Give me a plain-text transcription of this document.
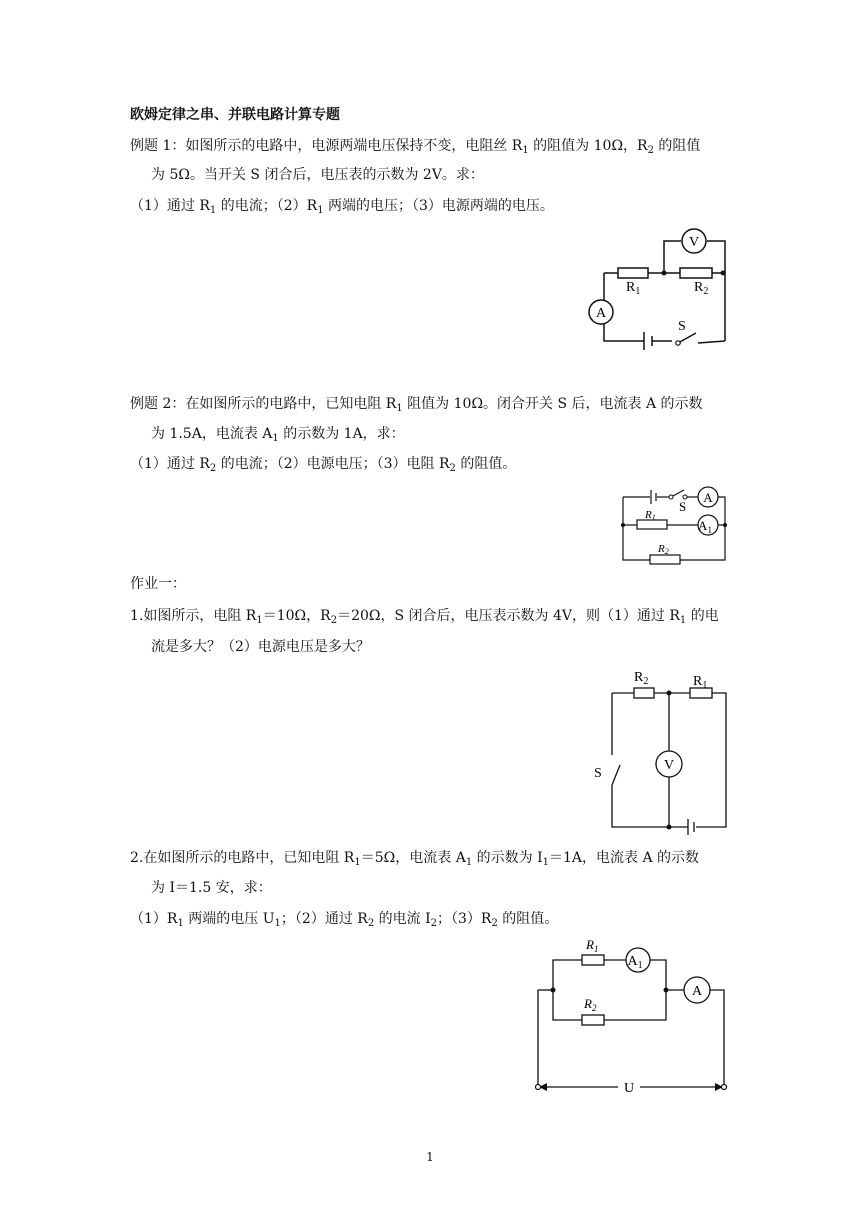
欧姆定律之串、并联电路计算专题
例题 1：如图所示的电路中，电源两端电压保持不变，电阻丝 $R_1$ 的阻值为 10Ω，$R_2$ 的阻值
为 5Ω。当开关 S 闭合后，电压表的示数为 2V。求：
（1）通过 $R_1$ 的电流；$(2)R_1$ 两端的电压；（3）电源两端的电压。
V
A
$R_1$	$R_2$
S
例题 2：在如图所示的电路中，已知电阻 $R_1$ 阻值为 10Ω。闭合开关 S 后，电流表 A 的示数
为 1.5A，电流表 $A_1$ 的示数为 1A，求：
（1）通过 $R_2$ 的电流；（2）电源电压；（3）电阻 $R_2$ 的阻值。
A
$A_1$
S
R1
R2
作业一：
1.如图所示，电阻 $R_1=10\Omega$，$R_2=20\Omega$，S 闭合后，电压表示数为 4V，则（1）通过 $R_1$ 的电
流是多大？（2）电源电压是多大？
V
$R_2$	$R_1$
S
2.在如图所示的电路中，已知电阻 $R_1=5\Omega$，电流表 $A_1$ 的示数为 $I_1=1A$，电流表 A 的示数
为 I＝1.5 安，求：
$(1)R_1$ 两端的电压 $U_1$；（2）通过 $R_2$ 的电流 $I_2$；$(3)R_2$ 的阻值。
$A_1$
A
$R_1$
$R_2$
U
1
